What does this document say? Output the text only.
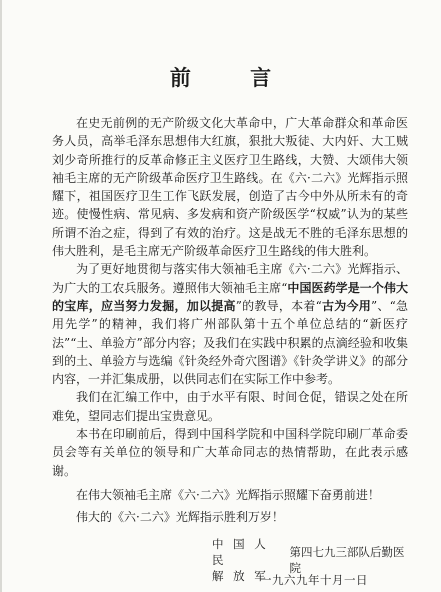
前 言

在史无前例的无产阶级文化大革命中，广大革命群众和革命医务人员，高举毛泽东思想伟大红旗，狠批大叛徒、大内奸、大工贼刘少奇所推行的反革命修正主义医疗卫生路线，大赞、大颂伟大领袖毛主席的无产阶级革命医疗卫生路线。在《六·二六》光辉指示照耀下，祖国医疗卫生工作飞跃发展，创造了古今中外从所未有的奇迹。使慢性病、常见病、多发病和资产阶级医学“权威”认为的某些所谓不治之症，得到了有效的治疗。这是战无不胜的毛泽东思想的伟大胜利，是毛主席无产阶级革命医疗卫生路线的伟大胜利。

为了更好地贯彻与落实伟大领袖毛主席《六·二六》光辉指示、为广大的工农兵服务。遵照伟大领袖毛主席“中国医药学是一个伟大的宝库，应当努力发掘，加以提高”的教导，本着“古为今用”、“急用先学”的精神，我们将广州部队第十五个单位总结的“新医疗法”“土、单验方”部分内容；及我们在实践中积累的点滴经验和收集到的土、单验方与选编《针灸经外奇穴图谱》《针灸学讲义》的部分内容，一并汇集成册，以供同志们在实际工作中参考。

我们在汇编工作中，由于水平有限、时间仓促，错误之处在所难免，望同志们提出宝贵意见。

本书在印刷前后，得到中国科学院和中国科学院印刷厂革命委员会等有关单位的领导和广大革命同志的热情帮助，在此表示感谢。

在伟大领袖毛主席《六·二六》光辉指示照耀下奋勇前进！

伟大的《六·二六》光辉指示胜利万岁！

中 国 人 民
解 放 军
第四七九三部队后勤医院
一九六九年十月一日
